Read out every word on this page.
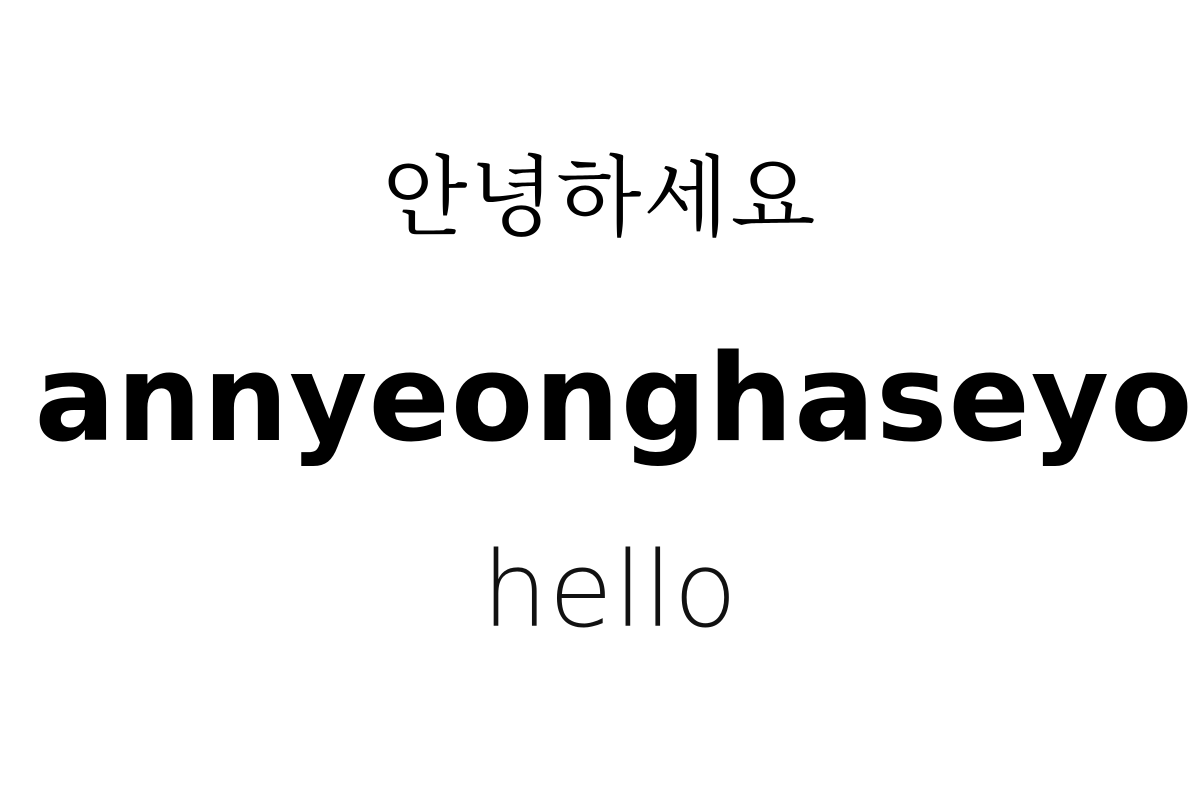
안녕하세요
annyeonghaseyo
hello
